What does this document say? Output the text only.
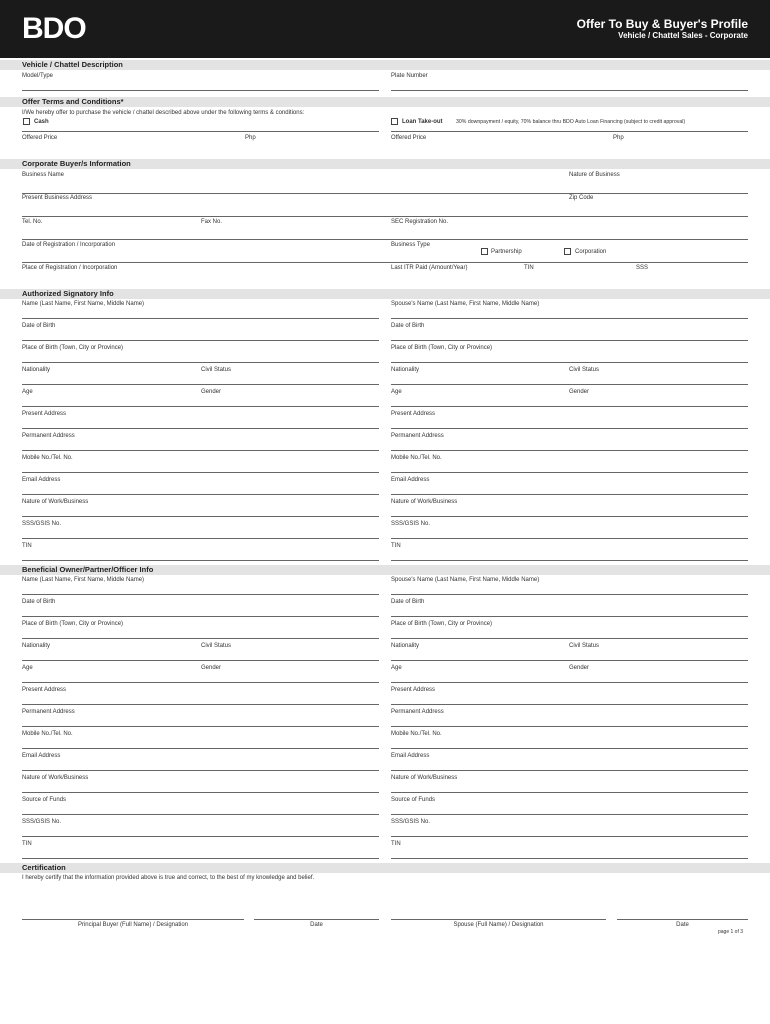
BDO	Offer To Buy & Buyer's Profile
Vehicle / Chattel Sales - Corporate
Vehicle / Chattel Description
Model/Type	Plate Number
Offer Terms and Conditions*
I/We hereby offer to purchase the vehicle / chattel described above under the following terms & conditions:
Cash	Loan Take-out	30% downpayment / equity, 70% balance thru BDO Auto Loan Financing (subject to credit approval)
Offered Price	Php	Offered Price	Php
Corporate Buyer/s Information
Business Name	Nature of Business
Present Business Address	Zip Code
Tel. No.	Fax No.	SEC Registration No.
Date of Registration / Incorporation	Business Type
Partnership	Corporation
Place of Registration / Incorporation	Last ITR Paid (Amount/Year)	TIN	SSS
Authorized Signatory Info
Name (Last Name, First Name, Middle Name)	Spouse's Name (Last Name, First Name, Middle Name)
Date of Birth	Date of Birth
Place of Birth (Town, City or Province)	Place of Birth (Town, City or Province)
Nationality	Civil Status	Nationality	Civil Status
Age	Gender	Age	Gender
Present Address	Present Address
Permanent Address	Permanent Address
Mobile No./Tel. No.	Mobile No./Tel. No.
Email Address	Email Address
Nature of Work/Business	Nature of Work/Business
SSS/GSIS No.	SSS/GSIS No.
TIN	TIN
Beneficial Owner/Partner/Officer Info
Name (Last Name, First Name, Middle Name)	Spouse's Name (Last Name, First Name, Middle Name)
Date of Birth	Date of Birth
Place of Birth (Town, City or Province)	Place of Birth (Town, City or Province)
Nationality	Civil Status	Nationality	Civil Status
Age	Gender	Age	Gender
Present Address	Present Address
Permanent Address	Permanent Address
Mobile No./Tel. No.	Mobile No./Tel. No.
Email Address	Email Address
Nature of Work/Business	Nature of Work/Business
Source of Funds	Source of Funds
SSS/GSIS No.	SSS/GSIS No.
TIN	TIN
Certification
I hereby certify that the information provided above is true and correct, to the best of my knowledge and belief.
Principal Buyer (Full Name) / Designation	Date	Spouse (Full Name) / Designation	Date
page 1 of 3
